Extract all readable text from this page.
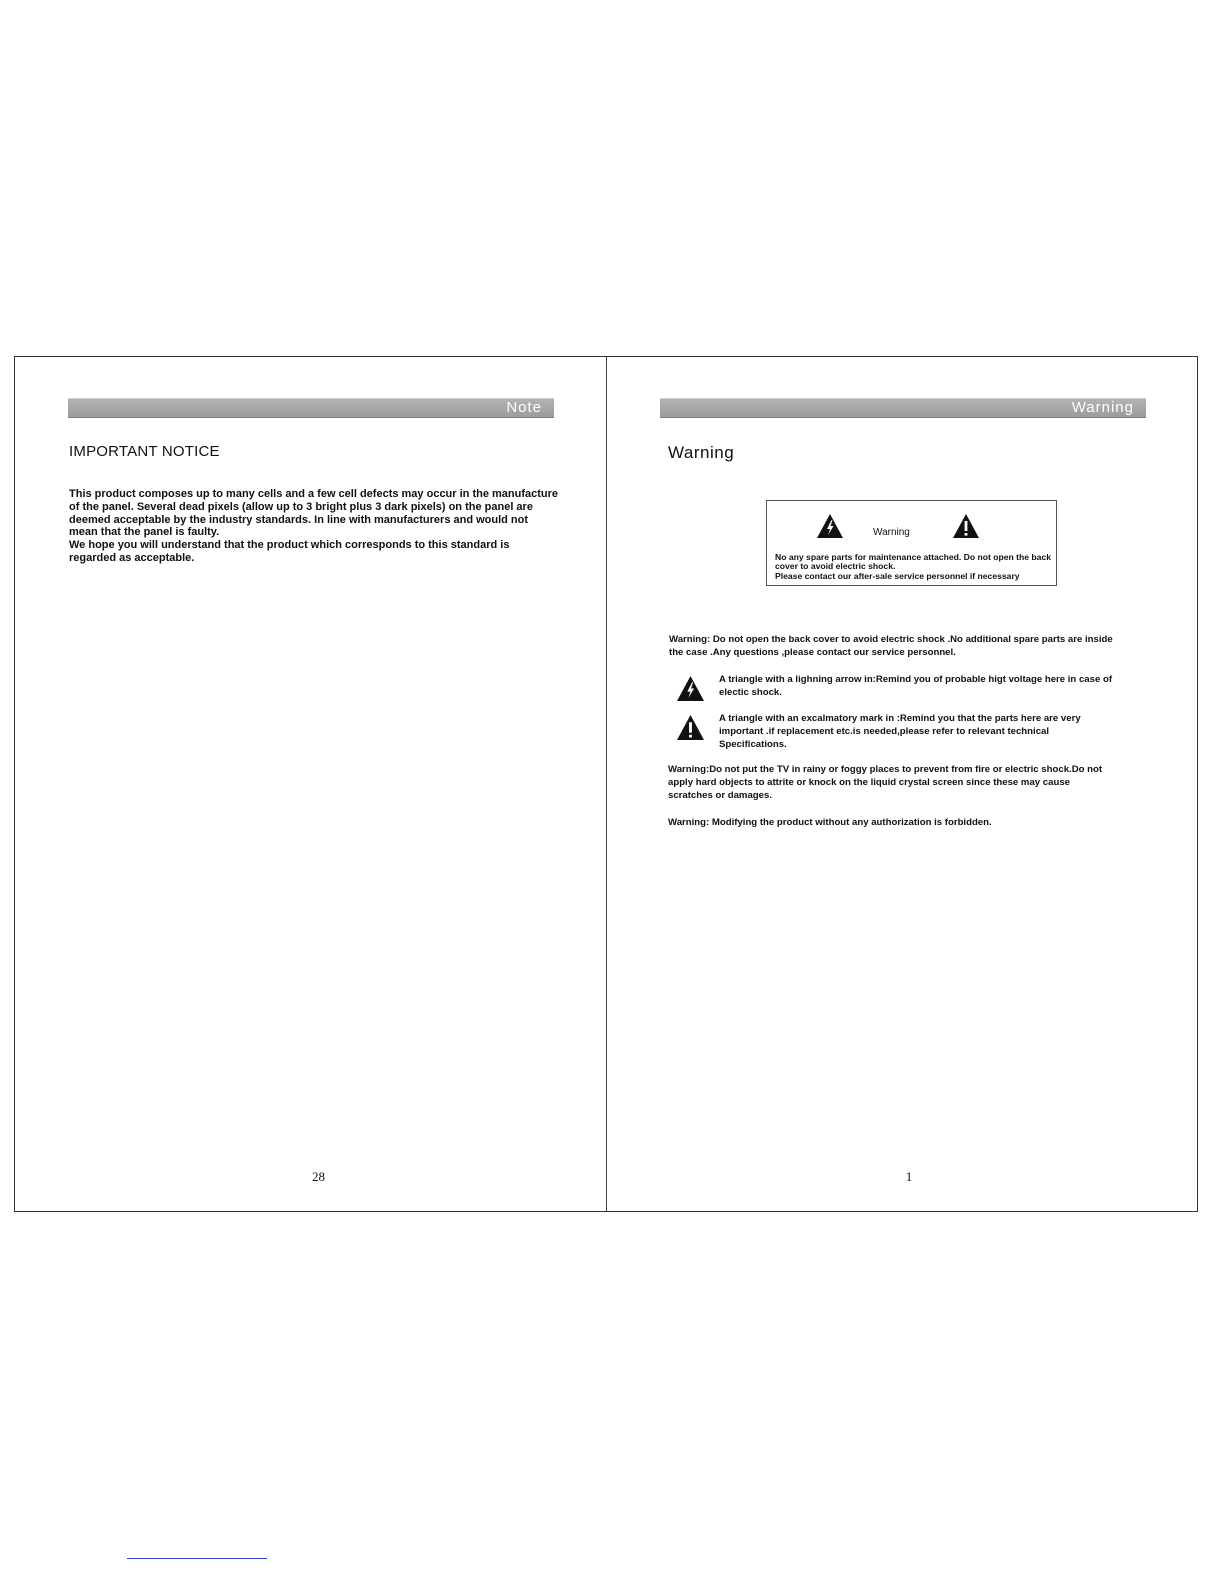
Note
IMPORTANT NOTICE
This product composes up to many cells and a few cell defects may occur in the manufacture of the panel. Several dead pixels (allow up to 3 bright plus 3 dark pixels) on the panel are deemed acceptable by the industry standards. In line with manufacturers and would not mean that the panel is faulty.
We hope you will understand that the product which corresponds to this standard is regarded as acceptable.
28
Warning
Warning
Warning
No any spare parts for maintenance attached. Do not open the back cover to avoid electric shock.
Please contact our after-sale service personnel if necessary
Warning: Do not open the back cover to avoid electric shock .No additional spare parts are inside the case .Any questions ,please contact our service personnel.
A triangle with a lighning arrow in:Remind you of probable higt voltage here in case of electic shock.
A triangle with an excalmatory mark in :Remind you that the parts here are very important .if replacement etc.is needed,please refer to relevant technical Specifications.
Warning:Do not put the TV in rainy or foggy places to prevent from fire or electric shock.Do not apply hard objects to attrite or knock on the liquid crystal screen since these may cause scratches or damages.
Warning: Modifying the product without any authorization is forbidden.
1
